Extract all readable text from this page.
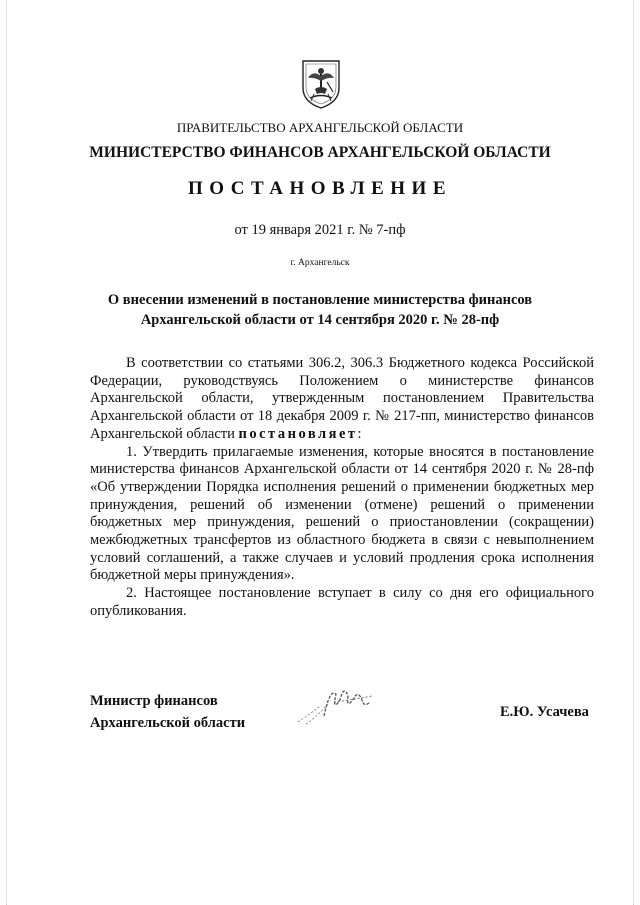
ПРАВИТЕЛЬСТВО АРХАНГЕЛЬСКОЙ ОБЛАСТИ
МИНИСТЕРСТВО ФИНАНСОВ АРХАНГЕЛЬСКОЙ ОБЛАСТИ
ПОСТАНОВЛЕНИЕ
от 19 января 2021 г. № 7-пф
г. Архангельск
О внесении изменений в постановление министерства финансов
Архангельской области от 14 сентября 2020 г. № 28-пф

В соответствии со статьями 306.2, 306.3 Бюджетного кодекса Российской Федерации, руководствуясь Положением о министерстве финансов Архангельской области, утвержденным постановлением Правительства Архангельской области от 18 декабря 2009 г. № 217-пп, министерство финансов Архангельской области постановляет:

1. Утвердить прилагаемые изменения, которые вносятся в постановление министерства финансов Архангельской области от 14 сентября 2020 г. № 28-пф «Об утверждении Порядка исполнения решений о применении бюджетных мер принуждения, решений об изменении (отмене) решений о применении бюджетных мер принуждения, решений о приостановлении (сокращении) межбюджетных трансфертов из областного бюджета в связи с невыполнением условий соглашений, а также случаев и условий продления срока исполнения бюджетной меры принуждения».

2. Настоящее постановление вступает в силу со дня его официального опубликования.

Министр финансов
Архангельской области
Е.Ю. Усачева
